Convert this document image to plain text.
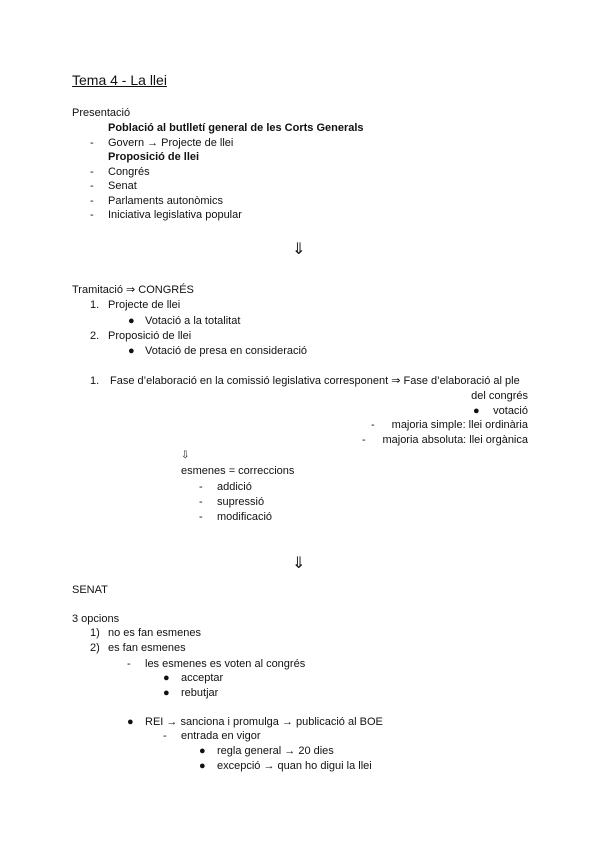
Tema 4 - La llei
Presentació
Població al butlletí general de les Corts Generals
- Govern → Projecte de llei
Proposició de llei
- Congrés
- Senat
- Parlaments autonòmics
- Iniciativa legislativa popular
⇓
Tramitació ⇒ CONGRÉS
1. Projecte de llei
● Votació a la totalitat
2. Proposició de llei
● Votació de presa en consideració
1. Fase d’elaboració en la comissió legislativa corresponent ⇒ Fase d’elaboració al ple
del congrés
● votació
- majoria simple: llei ordinària
- majoria absoluta: llei orgànica
⇩
esmenes = correccions
- addició
- supressió
- modificació
⇓
SENAT
3 opcions
1) no es fan esmenes
2) es fan esmenes
- les esmenes es voten al congrés
● acceptar
● rebutjar
● REI → sanciona i promulga → publicació al BOE
- entrada en vigor
● regla general → 20 dies
● excepció → quan ho digui la llei
